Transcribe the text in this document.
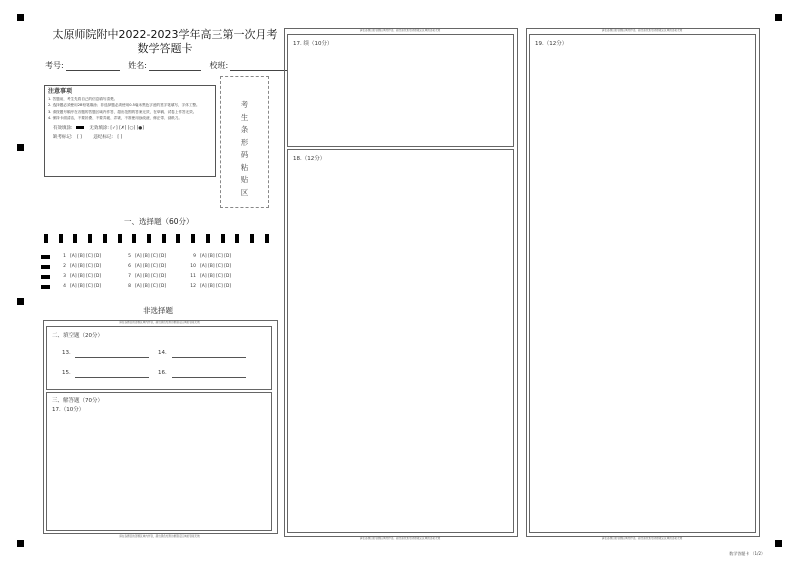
太原师院附中2022-2023学年高三第一次月考
数学答题卡
考号:	姓名:	校班:
注意事项

1. 答题前，考生先将自己的信息填写清楚。

2. 选择题必须使用2B铅笔填涂；非选择题必须使用0.5毫米黑色字迹的签字笔填写，字体工整。

3. 请按题号顺序在各题的答题区域内作答，超出范围的答案无效，在草稿、试卷上作答无效。

4. 保持卡面清洁，不要折叠、不要弄破、弄皱，不准使用涂改液、修正带、刮纸刀。

有效填涂:	无效填涂: [✓] [✗] [○] [●]
缺考标记: [ ]	违纪标记: [ ]
考
生
条
形
码
粘
贴
区
一、选择题（60分）
1 [A] [B] [C] [D]	5 [A] [B] [C] [D]	9 [A] [B] [C] [D]
2 [A] [B] [C] [D]	6 [A] [B] [C] [D]	10 [A] [B] [C] [D]
3 [A] [B] [C] [D]	7 [A] [B] [C] [D]	11 [A] [B] [C] [D]
4 [A] [B] [C] [D]	8 [A] [B] [C] [D]	12 [A] [B] [C] [D]
非选择题
请在各题目的答题区域内作答，超出黑色矩形边框限定区域的答案无效
请在各题目的答题区域内作答，超出黑色矩形边框限定区域的答案无效
二、填空题（20分）
13.	14.
15.	16.
三、解答题（70分）
17.（10分）
请在各题目的答题区域内作答，超出黑色矩形边框限定区域的答案无效
请在各题目的答题区域内作答，超出黑色矩形边框限定区域的答案无效
17. 续（10分）
18.（12分）
请在各题目的答题区域内作答，超出黑色矩形边框限定区域的答案无效
请在各题目的答题区域内作答，超出黑色矩形边框限定区域的答案无效
19.（12分）
数学答题卡 （1/2）
